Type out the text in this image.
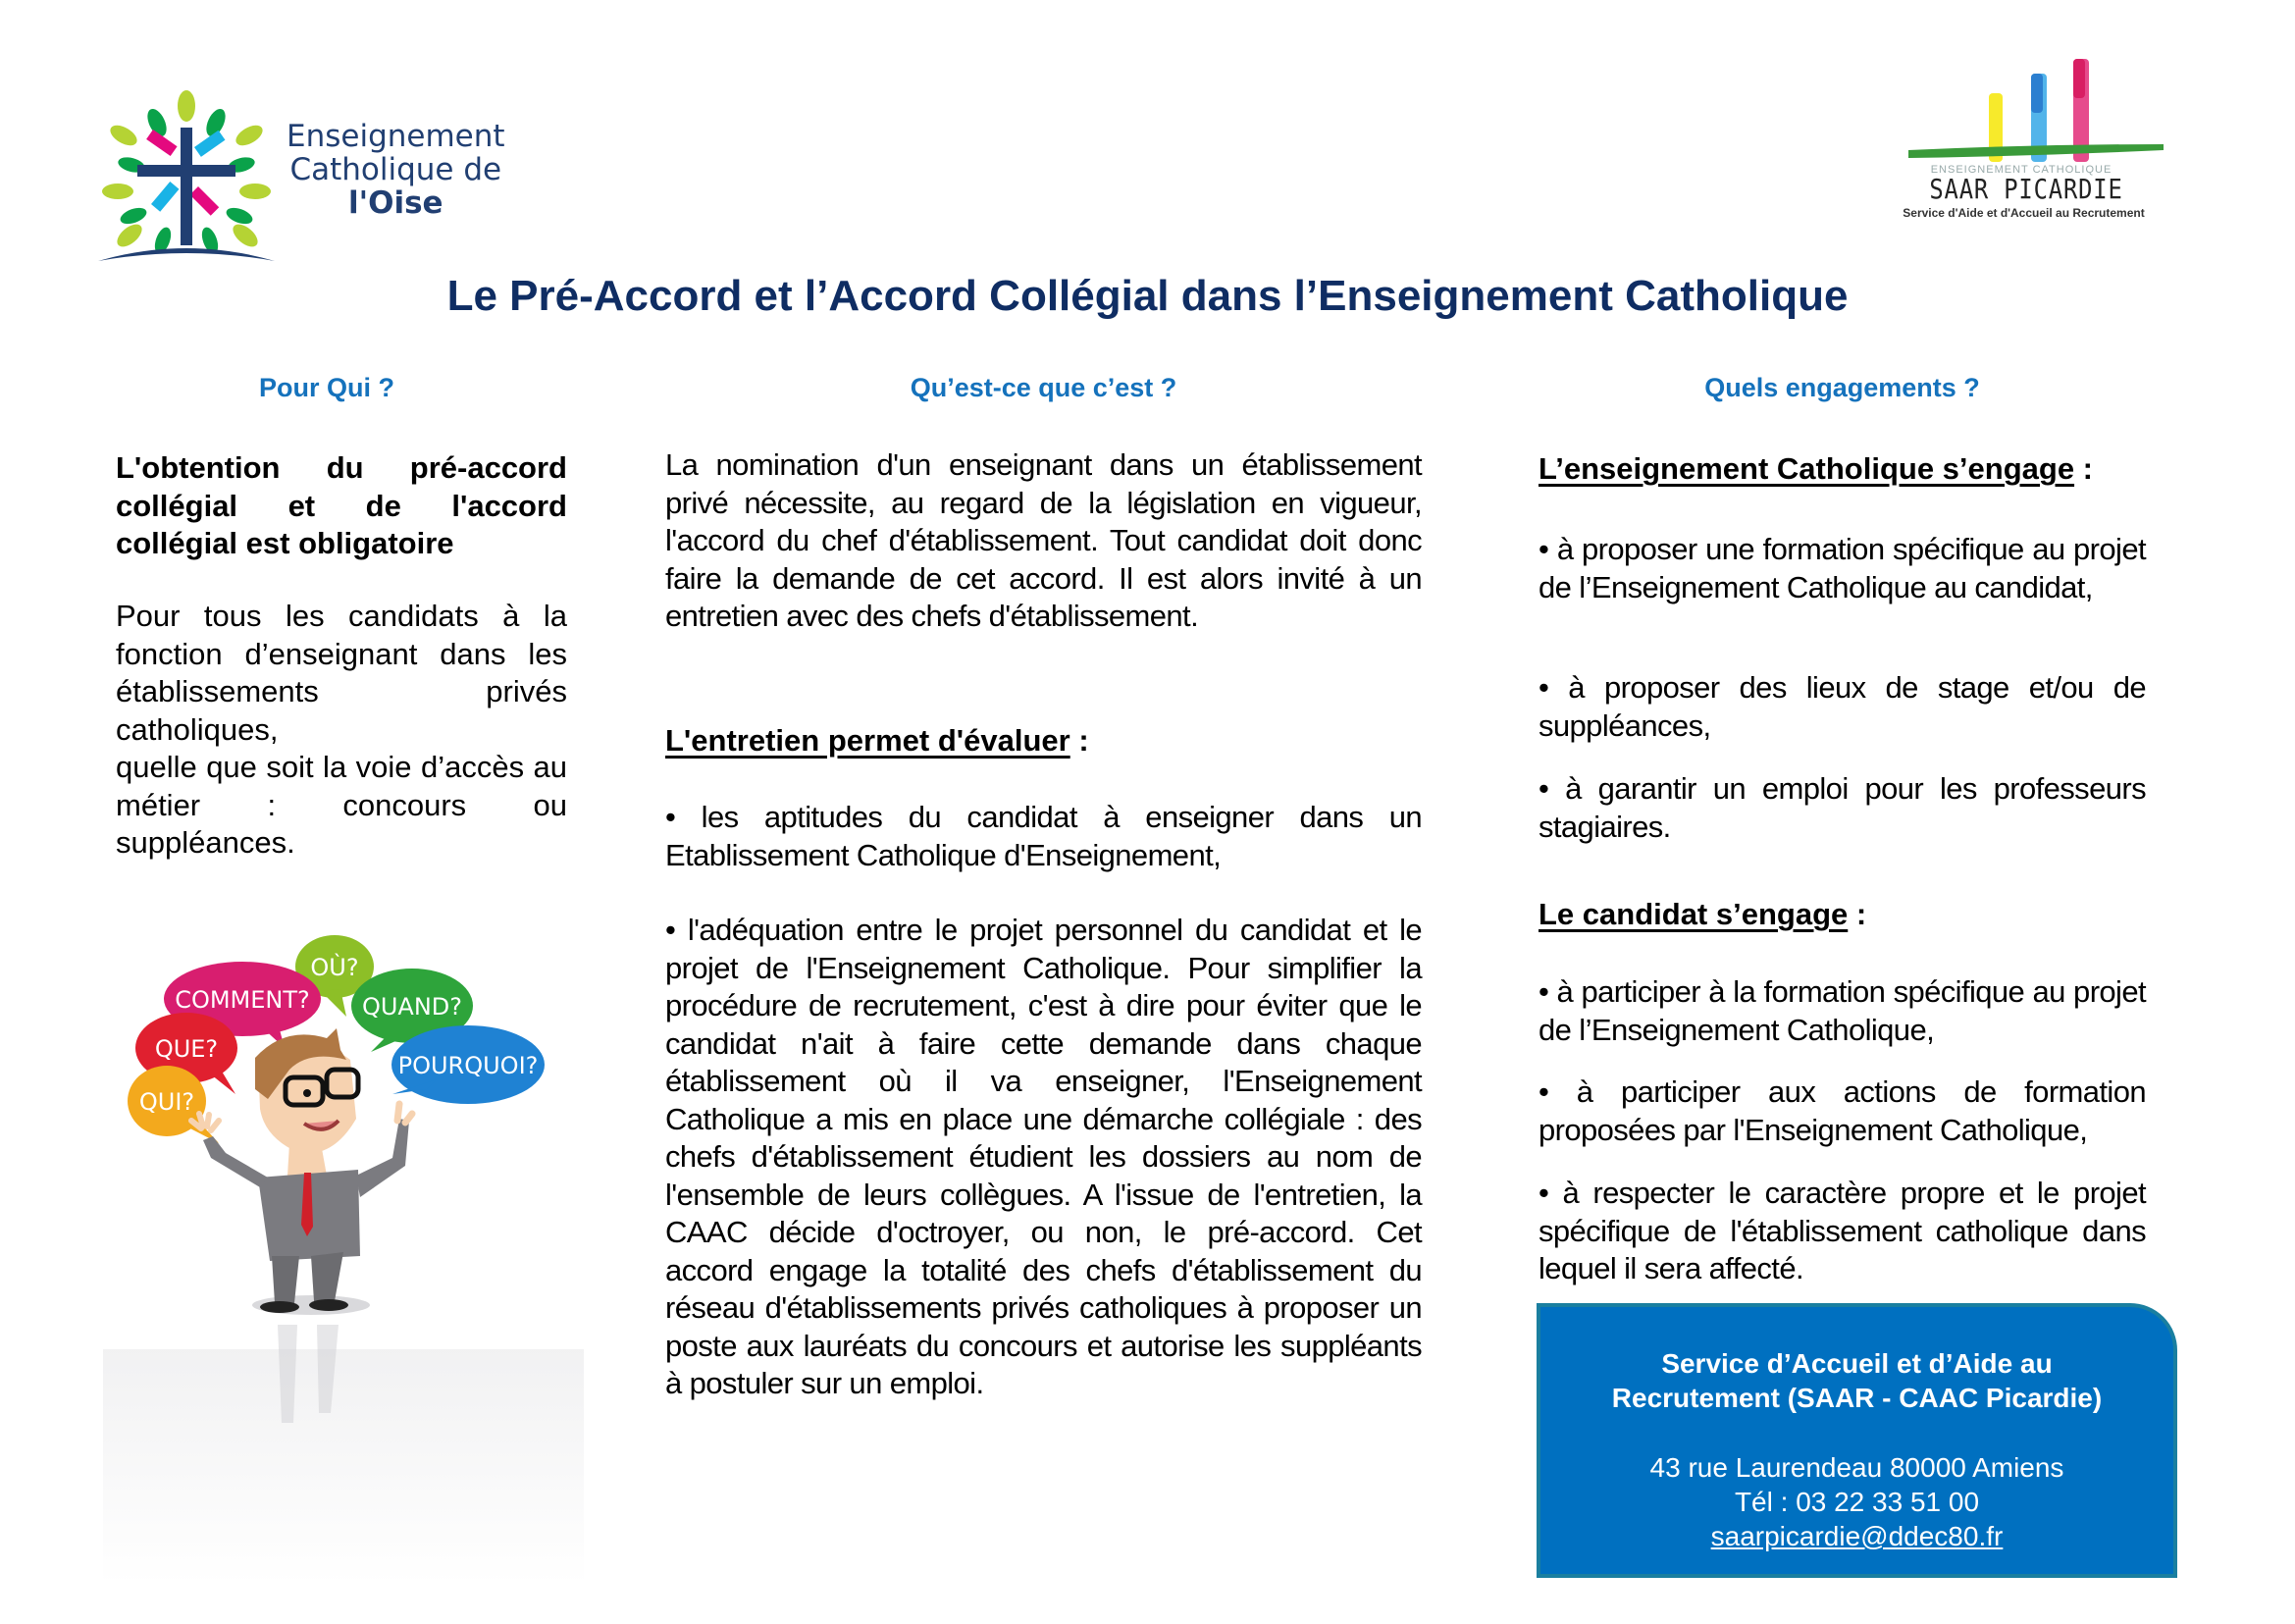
Enseignement
Catholique de
l'Oise
ENSEIGNEMENT CATHOLIQUE
SAAR PICARDIE
Service d'Aide et d'Accueil au Recrutement
Le Pré-Accord et l’Accord Collégial dans l’Enseignement Catholique
Pour Qui ?	Qu’est-ce que c’est ?	Quels engagements ?
L'obtention du pré-accord collégial et de l'accord collégial est obligatoire
Pour tous les candidats à la fonction d’enseignant dans les établissements privés catholiques,
quelle que soit la voie d’accès au métier : concours ou suppléances.
OÙ?
COMMENT? QUAND?
QUE?
POURQUOI?
QUI?
La nomination d'un enseignant dans un établissement privé nécessite, au regard de la législation en vigueur, l'accord du chef d'établissement. Tout candidat doit donc faire la demande de cet accord. Il est alors invité à un entretien avec des chefs d'établissement.
L'entretien permet d'évaluer :
• les aptitudes du candidat à enseigner dans un Etablissement Catholique d'Enseignement,
• l'adéquation entre le projet personnel du candidat et le projet de l'Enseignement Catholique. Pour simplifier la procédure de recrutement, c'est à dire pour éviter que le candidat n'ait à faire cette demande dans chaque établissement où il va enseigner, l'Enseignement Catholique a mis en place une démarche collégiale : des chefs d'établissement étudient les dossiers au nom de l'ensemble de leurs collègues. A l'issue de l'entretien, la CAAC décide d'octroyer, ou non, le pré-accord. Cet accord engage la totalité des chefs d'établissement du réseau d'établissements privés catholiques à proposer un poste aux lauréats du concours et autorise les suppléants à postuler sur un emploi.
L’enseignement Catholique s’engage :
• à proposer une formation spécifique au projet de l’Enseignement Catholique au candidat,
• à proposer des lieux de stage et/ou de suppléances,
• à garantir un emploi pour les professeurs stagiaires.
Le candidat s’engage :
• à participer à la formation spécifique au projet de l’Enseignement Catholique,
• à participer aux actions de formation proposées par l'Enseignement Catholique,
• à respecter le caractère propre et le projet spécifique de l'établissement catholique dans lequel il sera affecté.
Service d’Accueil et d’Aide au
Recrutement (SAAR - CAAC Picardie)
43 rue Laurendeau 80000 Amiens
Tél : 03 22 33 51 00
saarpicardie@ddec80.fr
